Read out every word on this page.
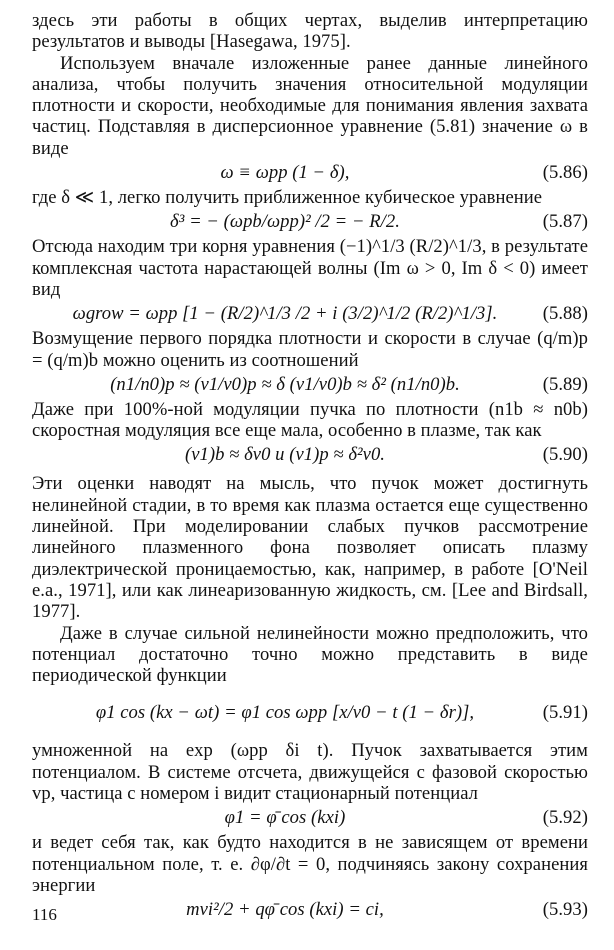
здесь эти работы в общих чертах, выделив интерпретацию результатов и выводы [Hasegawa, 1975].

Используем вначале изложенные ранее данные линейного анализа, чтобы получить значения относительной модуляции плотности и скорости, необходимые для понимания явления захвата частиц. Подставляя в дисперсионное уравнение (5.81) значение ω в виде

ω ≡ ωpp (1 − δ),	(5.86)

где δ ≪ 1, легко получить приближенное кубическое уравнение

δ³ = − (ωpb/ωpp)² /2 = − R/2.	(5.87)

Отсюда находим три корня уравнения (−1)^1/3 (R/2)^1/3, в результате комплексная частота нарастающей волны (Im ω > 0, Im δ < 0) имеет вид

ωgrow = ωpp [1 − (R/2)^1/3 /2 + i (3/2)^1/2 (R/2)^1/3].	(5.88)

Возмущение первого порядка плотности и скорости в случае (q/m)p = (q/m)b можно оценить из соотношений

(n1/n0)p ≈ (v1/v0)p ≈ δ (v1/v0)b ≈ δ² (n1/n0)b.	(5.89)

Даже при 100%-ной модуляции пучка по плотности (n1b ≈ n0b) скоростная модуляция все еще мала, особенно в плазме, так как

(v1)b ≈ δv0 и (v1)p ≈ δ²v0.	(5.90)

Эти оценки наводят на мысль, что пучок может достигнуть нелинейной стадии, в то время как плазма остается еще существенно линейной. При моделировании слабых пучков рассмотрение линейного плазменного фона позволяет описать плазму диэлектрической проницаемостью, как, например, в работе [O'Neil e.a., 1971], или как линеаризованную жидкость, см. [Lee and Birdsall, 1977].

Даже в случае сильной нелинейности можно предположить, что потенциал достаточно точно можно представить в виде периодической функции

φ1 cos (kx − ωt) = φ1 cos ωpp [x/v0 − t (1 − δr)],	(5.91)

умноженной на exp (ωpp δi t). Пучок захватывается этим потенциалом. В системе отсчета, движущейся с фазовой скоростью vp, частица с номером i видит стационарный потенциал

φ1 = φ̄ cos (kxi)	(5.92)

и ведет себя так, как будто находится в не зависящем от времени потенциальном поле, т. е. ∂φ/∂t = 0, подчиняясь закону сохранения энергии

mvi²/2 + qφ̄ cos (kxi) = ci,	(5.93)
116
